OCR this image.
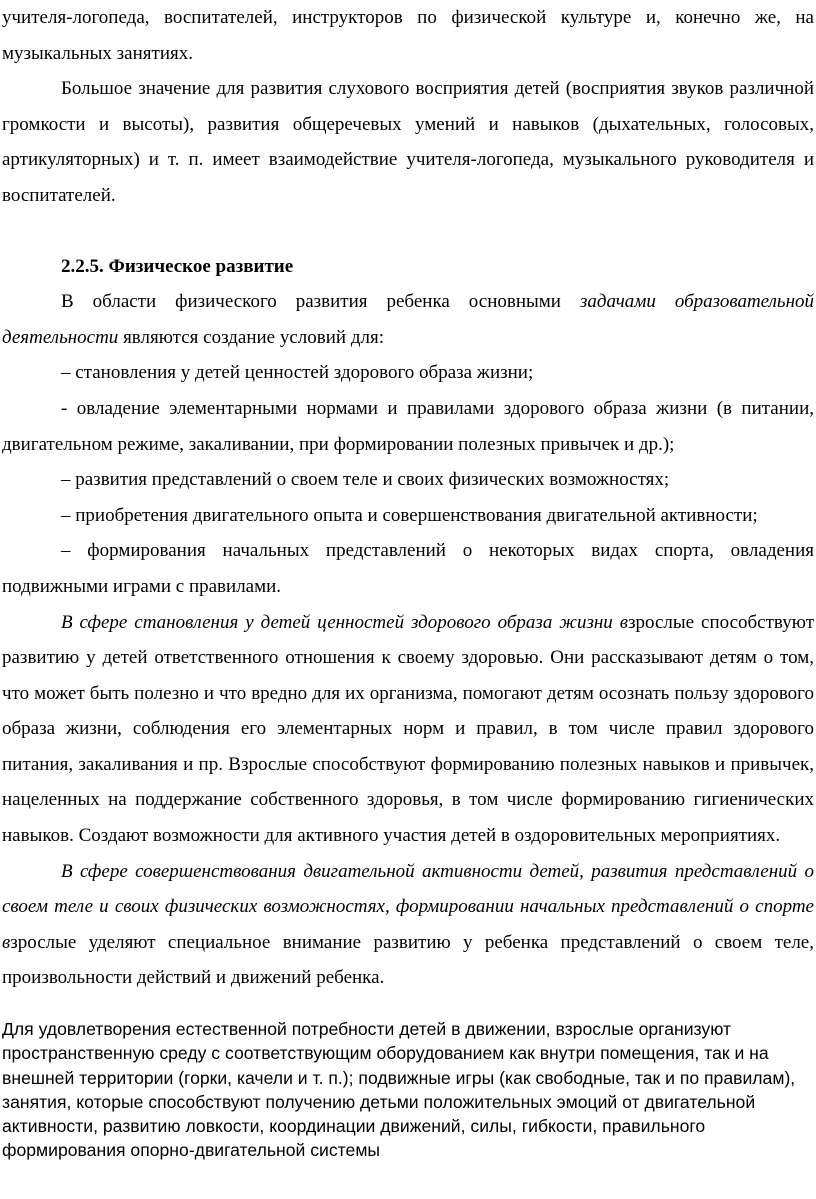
учителя-логопеда, воспитателей, инструкторов по физической культуре и, конечно же, на музыкальных занятиях.

Большое значение для развития слухового восприятия детей (восприятия звуков различной громкости и высоты), развития общеречевых умений и навыков (дыхательных, голосовых, артикуляторных) и т. п. имеет взаимодействие учителя-логопеда, музыкального руководителя и воспитателей.

2.2.5. Физическое развитие

В области физического развития ребенка основными задачами образовательной деятельности являются создание условий для:

– становления у детей ценностей здорового образа жизни;

- овладение элементарными нормами и правилами здорового образа жизни (в питании, двигательном режиме, закаливании, при формировании полезных привычек и др.);

– развития представлений о своем теле и своих физических возможностях;

– приобретения двигательного опыта и совершенствования двигательной активности;

– формирования начальных представлений о некоторых видах спорта, овладения подвижными играми с правилами.

В сфере становления у детей ценностей здорового образа жизни взрослые способствуют развитию у детей ответственного отношения к своему здоровью. Они рассказывают детям о том, что может быть полезно и что вредно для их организма, помогают детям осознать пользу здорового образа жизни, соблюдения его элементарных норм и правил, в том числе правил здорового питания, закаливания и пр. Взрослые способствуют формированию полезных навыков и привычек, нацеленных на поддержание собственного здоровья, в том числе формированию гигиенических навыков. Создают возможности для активного участия детей в оздоровительных мероприятиях.

В сфере совершенствования двигательной активности детей, развития представлений о своем теле и своих физических возможностях, формировании начальных представлений о спорте взрослые уделяют специальное внимание развитию у ребенка представлений о своем теле, произвольности действий и движений ребенка.

Для удовлетворения естественной потребности детей в движении, взрослые организуют пространственную среду с соответствующим оборудованием как внутри помещения, так и на внешней территории (горки, качели и т. п.); подвижные игры (как свободные, так и по правилам), занятия, которые способствуют получению детьми положительных эмоций от двигательной активности, развитию ловкости, координации движений, силы, гибкости, правильного формирования опорно-двигательной системы
